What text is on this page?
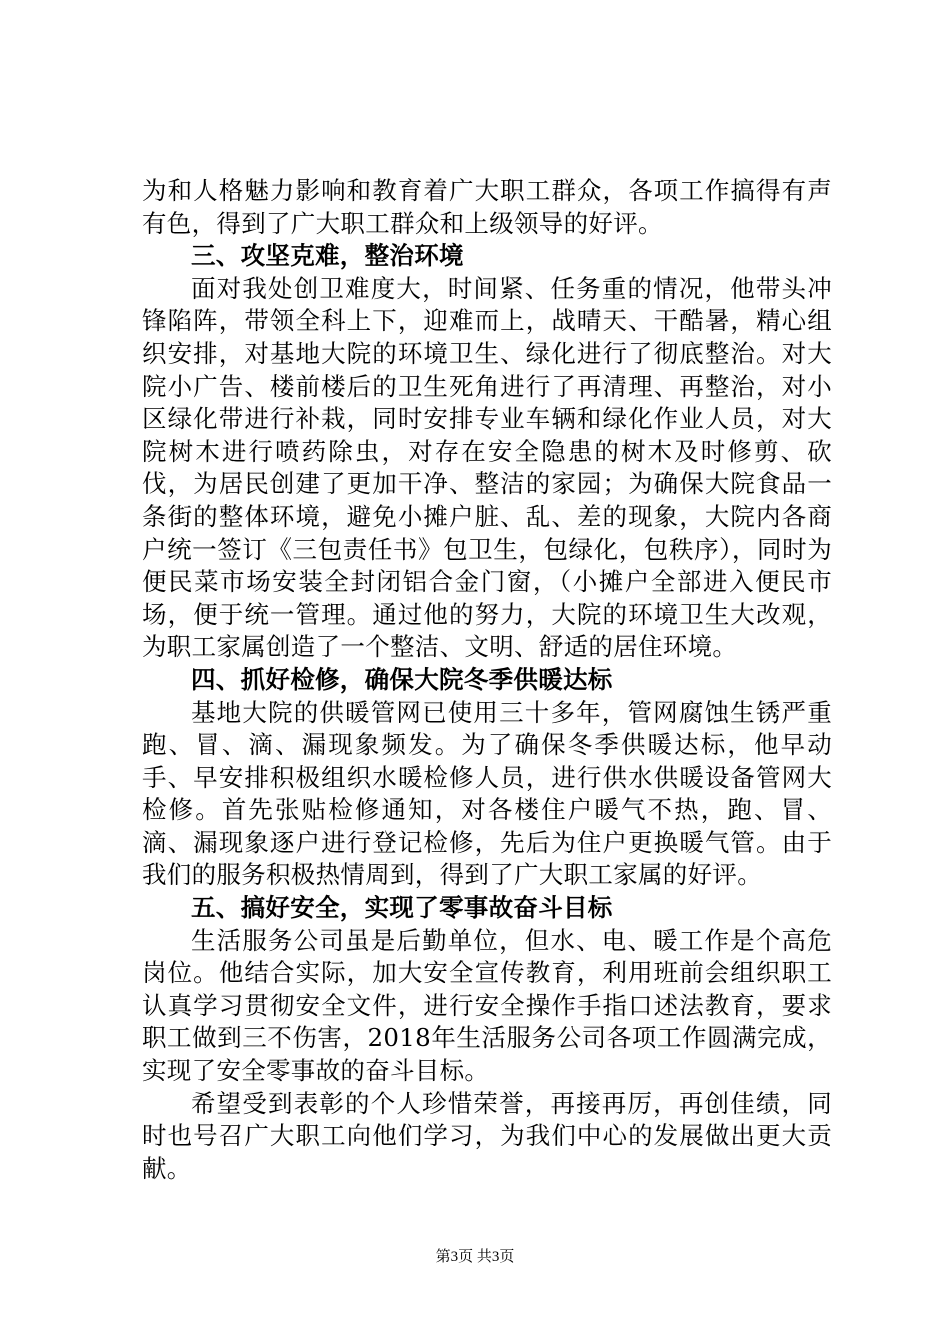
为和人格魅力影响和教育着广大职工群众，各项工作搞得有声有色，得到了广大职工群众和上级领导的好评。

三、攻坚克难，整治环境

面对我处创卫难度大，时间紧、任务重的情况，他带头冲锋陷阵，带领全科上下，迎难而上，战晴天、干酷暑，精心组织安排，对基地大院的环境卫生、绿化进行了彻底整治。对大院小广告、楼前楼后的卫生死角进行了再清理、再整治，对小区绿化带进行补栽，同时安排专业车辆和绿化作业人员，对大院树木进行喷药除虫，对存在安全隐患的树木及时修剪、砍伐，为居民创建了更加干净、整洁的家园；为确保大院食品一条街的整体环境，避免小摊户脏、乱、差的现象，大院内各商户统一签订《三包责任书》包卫生，包绿化，包秩序），同时为便民菜市场安装全封闭铝合金门窗，（小摊户全部进入便民市场，便于统一管理。通过他的努力，大院的环境卫生大改观，为职工家属创造了一个整洁、文明、舒适的居住环境。

四、抓好检修，确保大院冬季供暖达标

基地大院的供暖管网已使用三十多年，管网腐蚀生锈严重跑、冒、滴、漏现象频发。为了确保冬季供暖达标，他早动手、早安排积极组织水暖检修人员，进行供水供暖设备管网大检修。首先张贴检修通知，对各楼住户暖气不热，跑、冒、滴、漏现象逐户进行登记检修，先后为住户更换暖气管。由于我们的服务积极热情周到，得到了广大职工家属的好评。

五、搞好安全，实现了零事故奋斗目标

生活服务公司虽是后勤单位，但水、电、暖工作是个高危岗位。他结合实际，加大安全宣传教育，利用班前会组织职工认真学习贯彻安全文件，进行安全操作手指口述法教育，要求职工做到三不伤害，2018年生活服务公司各项工作圆满完成，实现了安全零事故的奋斗目标。

希望受到表彰的个人珍惜荣誉，再接再厉，再创佳绩，同时也号召广大职工向他们学习，为我们中心的发展做出更大贡献。

第3页 共3页
